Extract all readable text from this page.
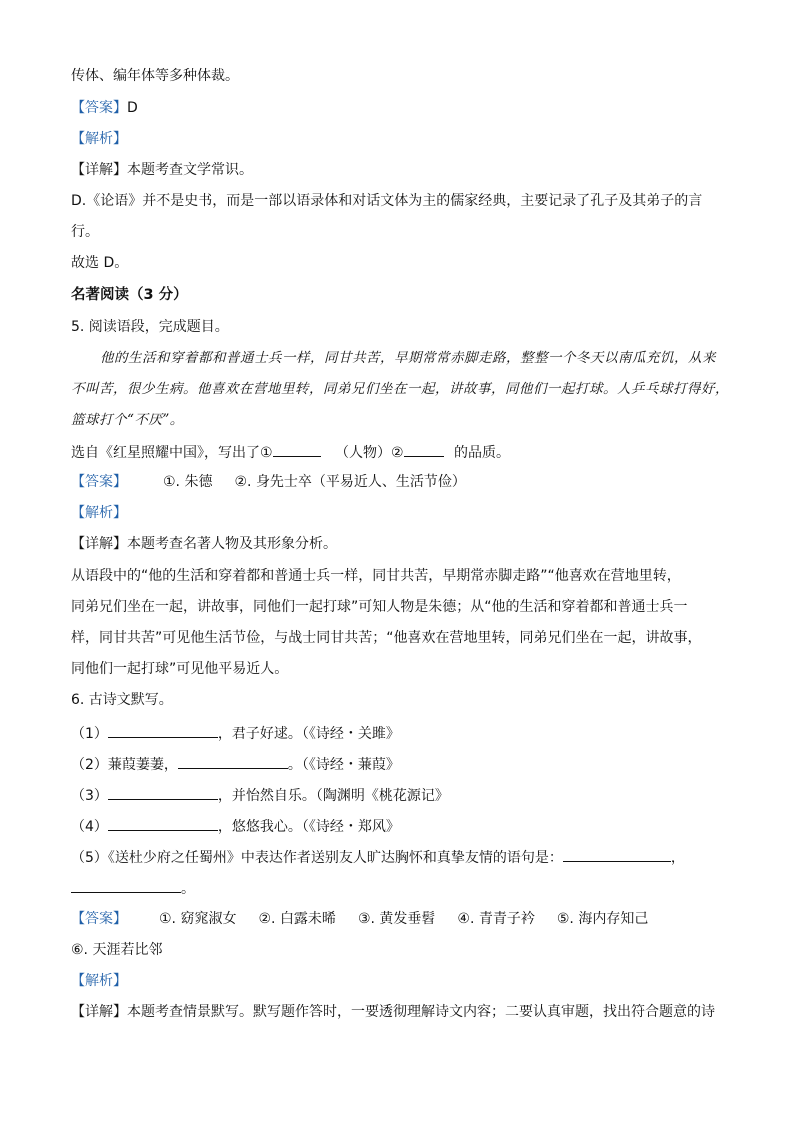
传体、编年体等多种体裁。
【答案】D
【解析】
【详解】本题考查文学常识。
D.《论语》并不是史书，而是一部以语录体和对话文体为主的儒家经典，主要记录了孔子及其弟子的言
行。
故选 D。
名著阅读（3 分）
5. 阅读语段，完成题目。
他的生活和穿着都和普通士兵一样，同甘共苦，早期常常赤脚走路，整整一个冬天以南瓜充饥，从来
不叫苦，很少生病。他喜欢在营地里转，同弟兄们坐在一起，讲故事，同他们一起打球。人乒乓球打得好，
篮球打个“不厌”。
选自《红星照耀中国》，写出了①	（人物）②	的品质。
【答案】	①. 朱德 ②. 身先士卒（平易近人、生活节俭）
【解析】
【详解】本题考查名著人物及其形象分析。
从语段中的“他的生活和穿着都和普通士兵一样，同甘共苦，早期常赤脚走路”“他喜欢在营地里转，
同弟兄们坐在一起，讲故事，同他们一起打球”可知人物是朱德；从“他的生活和穿着都和普通士兵一
样，同甘共苦”可见他生活节俭，与战士同甘共苦；“他喜欢在营地里转，同弟兄们坐在一起，讲故事，
同他们一起打球”可见他平易近人。
6. 古诗文默写。
（1）	，君子好逑。（《诗经・关雎》
（2）蒹葭萋萋，	。（《诗经・蒹葭》
（3）	，并怡然自乐。（陶渊明《桃花源记》
（4）	，悠悠我心。（《诗经・郑风》
（5）《送杜少府之任蜀州》中表达作者送别友人旷达胸怀和真挚友情的语句是：	，
。
【答案】 ①. 窈窕淑女 ②. 白露未晞 ③. 黄发垂髫 ④. 青青子衿 ⑤. 海内存知己
⑥. 天涯若比邻
【解析】
【详解】本题考查情景默写。默写题作答时，一要透彻理解诗文内容；二要认真审题，找出符合题意的诗
